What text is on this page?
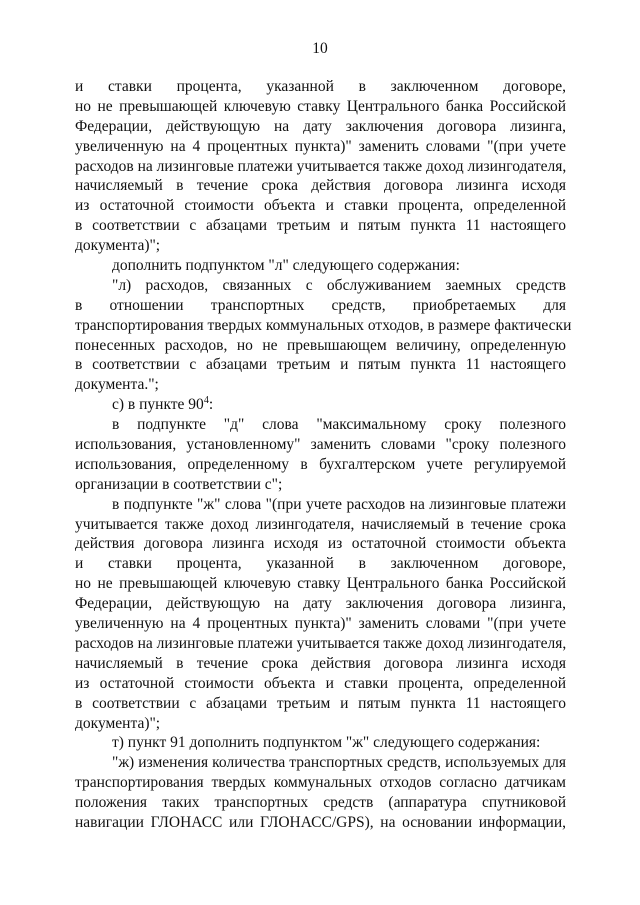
10
и ставки процента, указанной в заключенном договоре,
но не превышающей ключевую ставку Центрального банка Российской
Федерации, действующую на дату заключения договора лизинга,
увеличенную на 4 процентных пункта)" заменить словами "(при учете
расходов на лизинговые платежи учитывается также доход лизингодателя,
начисляемый в течение срока действия договора лизинга исходя
из остаточной стоимости объекта и ставки процента, определенной
в соответствии с абзацами третьим и пятым пункта 11 настоящего
документа)";
дополнить подпунктом "л" следующего содержания:
"л) расходов, связанных с обслуживанием заемных средств
в отношении транспортных средств, приобретаемых для
транспортирования твердых коммунальных отходов, в размере фактически
понесенных расходов, но не превышающем величину, определенную
в соответствии с абзацами третьим и пятым пункта 11 настоящего
документа.";
с) в пункте $90^4$:
в подпункте "д" слова "максимальному сроку полезного
использования, установленному" заменить словами "сроку полезного
использования, определенному в бухгалтерском учете регулируемой
организации в соответствии с";
в подпункте "ж" слова "(при учете расходов на лизинговые платежи
учитывается также доход лизингодателя, начисляемый в течение срока
действия договора лизинга исходя из остаточной стоимости объекта
и ставки процента, указанной в заключенном договоре,
но не превышающей ключевую ставку Центрального банка Российской
Федерации, действующую на дату заключения договора лизинга,
увеличенную на 4 процентных пункта)" заменить словами "(при учете
расходов на лизинговые платежи учитывается также доход лизингодателя,
начисляемый в течение срока действия договора лизинга исходя
из остаточной стоимости объекта и ставки процента, определенной
в соответствии с абзацами третьим и пятым пункта 11 настоящего
документа)";
т) пункт 91 дополнить подпунктом "ж" следующего содержания:
"ж) изменения количества транспортных средств, используемых для
транспортирования твердых коммунальных отходов согласно датчикам
положения таких транспортных средств (аппаратура спутниковой
навигации ГЛОНАСС или ГЛОНАСС/GPS), на основании информации,
